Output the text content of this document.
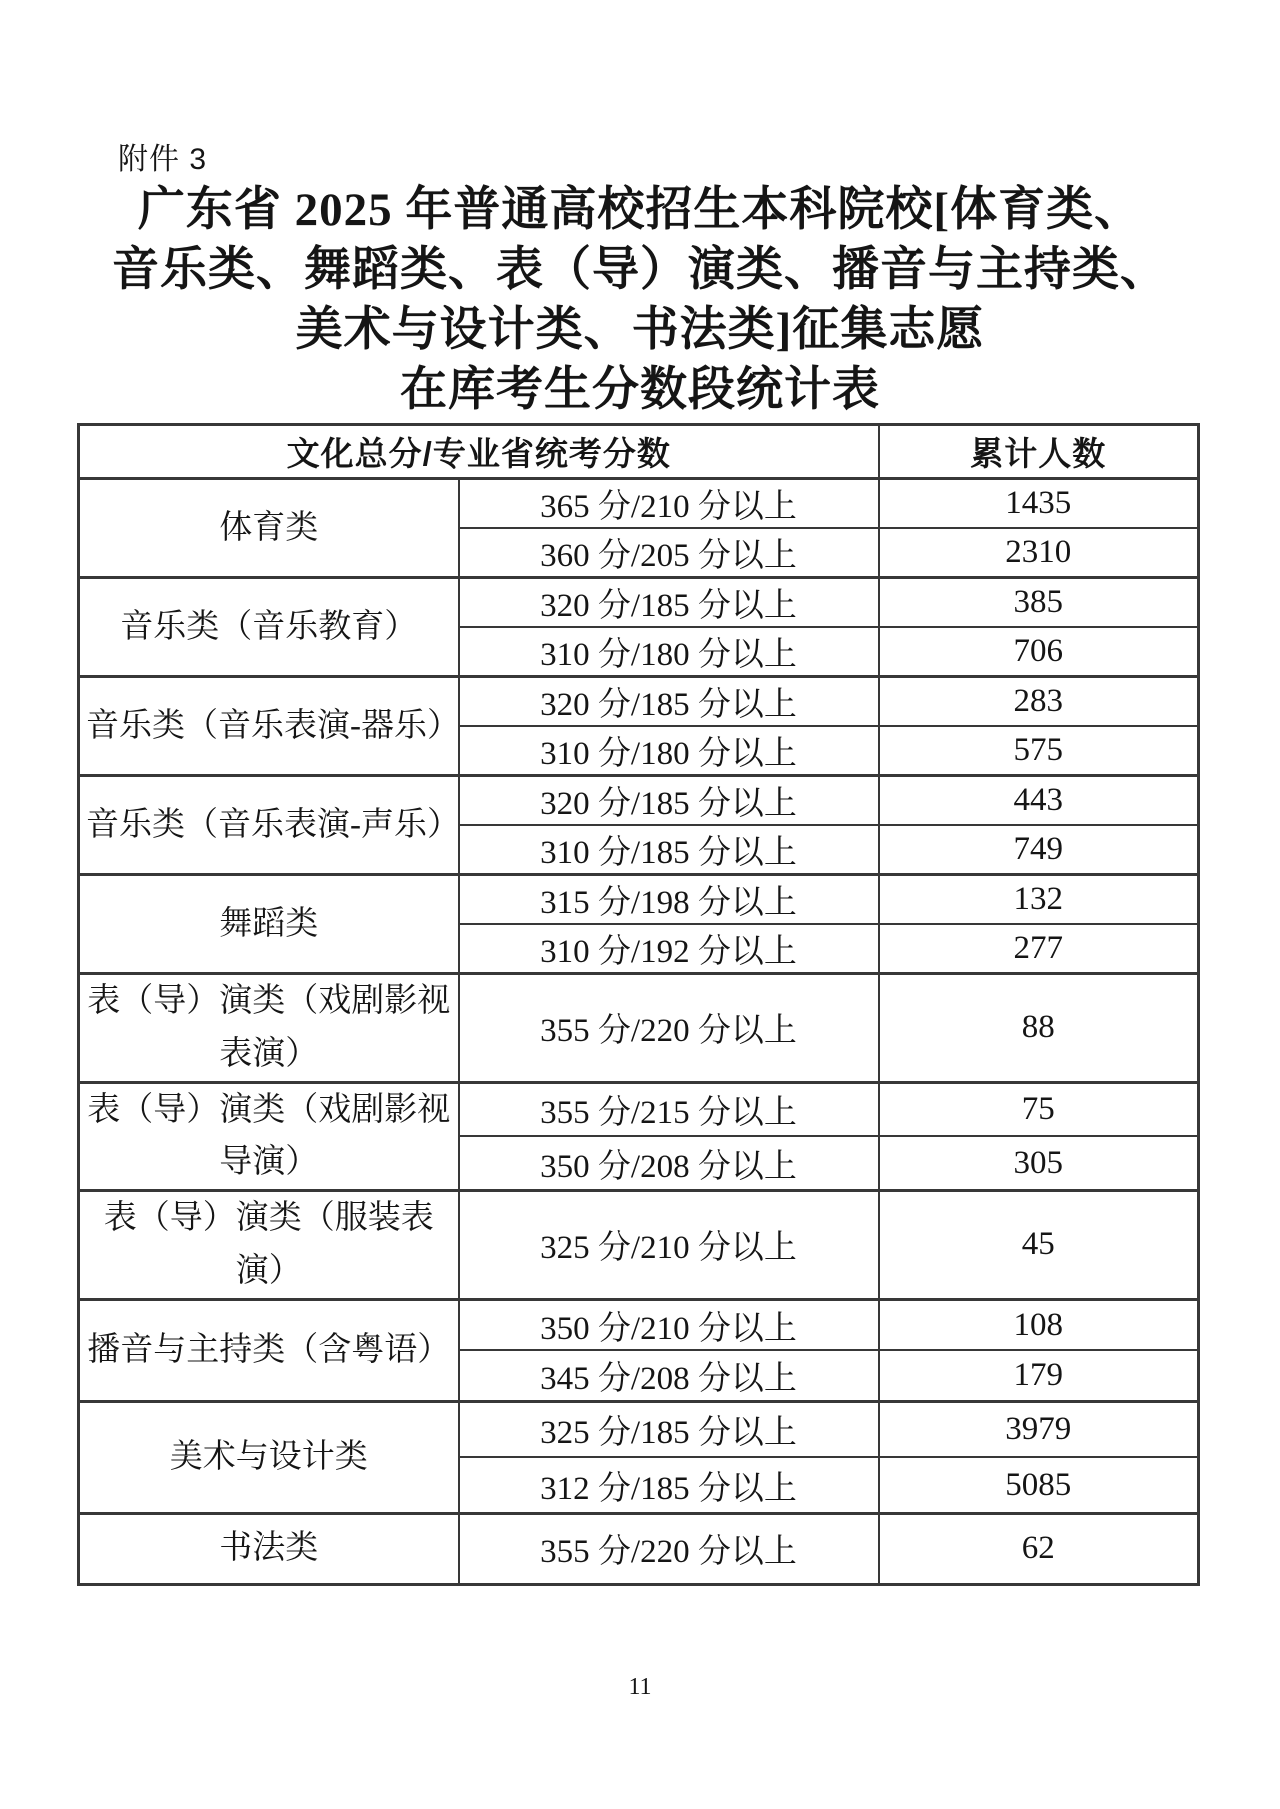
附件 3
广东省 2025 年普通高校招生本科院校[体育类、
音乐类、舞蹈类、表（导）演类、播音与主持类、
美术与设计类、书法类]征集志愿
在库考生分数段统计表
文化总分/专业省统考分数		累计人数
体育类	365 分/210 分以上	1435
	360 分/205 分以上	2310
音乐类（音乐教育）	320 分/185 分以上	385
	310 分/180 分以上	706
音乐类（音乐表演-器乐）	320 分/185 分以上	283
	310 分/180 分以上	575
音乐类（音乐表演-声乐）	320 分/185 分以上	443
	310 分/185 分以上	749
舞蹈类	315 分/198 分以上	132
	310 分/192 分以上	277
表（导）演类（戏剧影视表演）	355 分/220 分以上	88
表（导）演类（戏剧影视导演）	355 分/215 分以上	75
	350 分/208 分以上	305
表（导）演类（服装表演）	325 分/210 分以上	45
播音与主持类（含粤语）	350 分/210 分以上	108
	345 分/208 分以上	179
美术与设计类	325 分/185 分以上	3979
	312 分/185 分以上	5085
书法类	355 分/220 分以上	62
11
